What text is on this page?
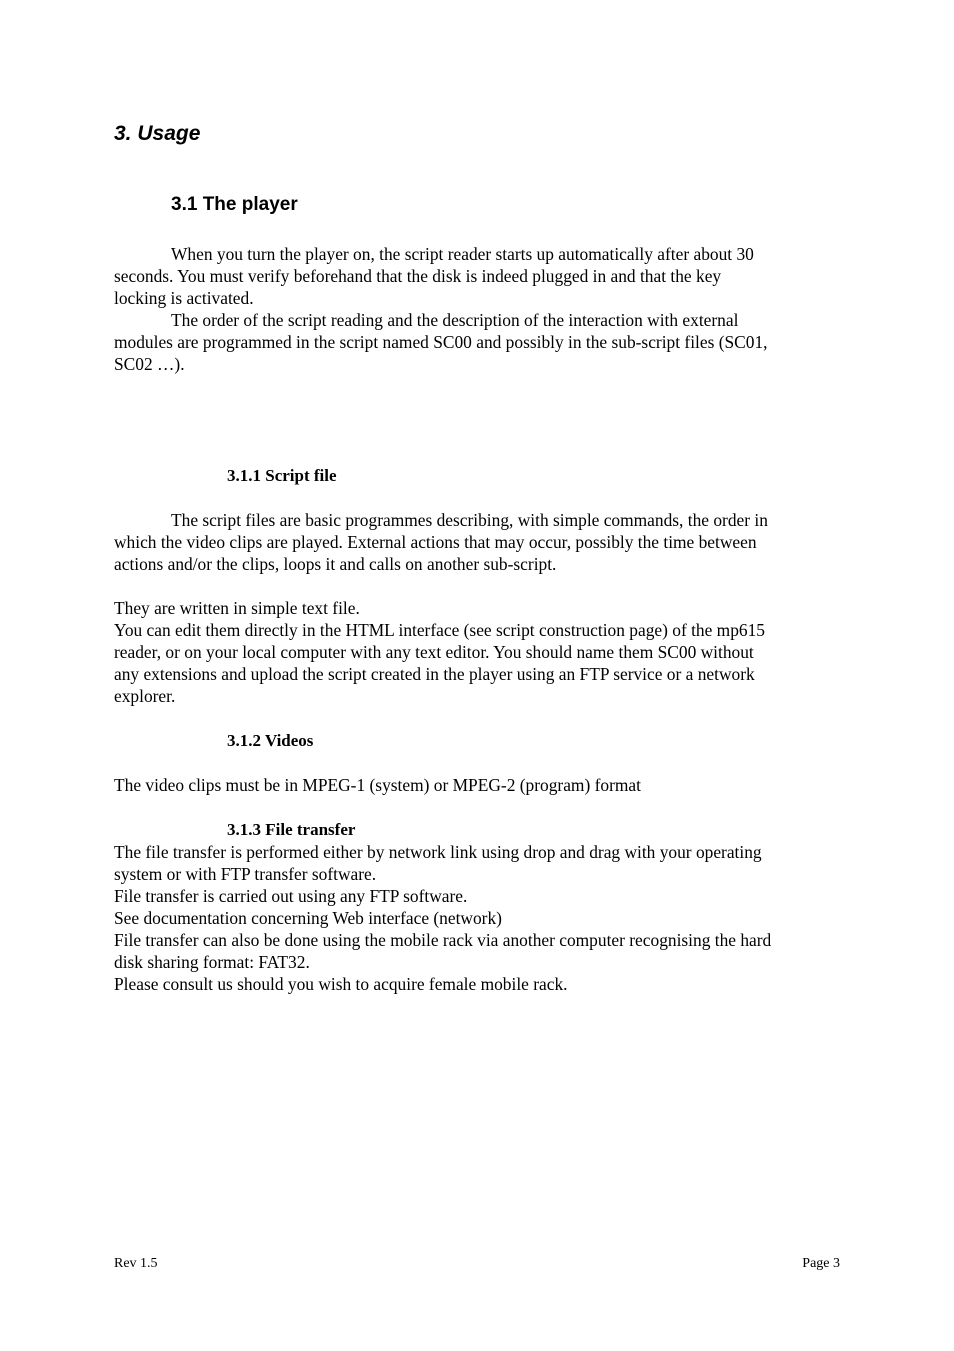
3. Usage
3.1 The player
When you turn the player on, the script reader starts up automatically after about 30
seconds. You must verify beforehand that the disk is indeed plugged in and that the key
locking is activated.
The order of the script reading and the description of the interaction with external
modules are programmed in the script named SC00 and possibly in the sub-script files (SC01,
SC02 …).
3.1.1 Script file
The script files are basic programmes describing, with simple commands, the order in
which the video clips are played. External actions that may occur, possibly the time between
actions and/or the clips, loops it and calls on another sub-script.
They are written in simple text file.
You can edit them directly in the HTML interface (see script construction page) of the mp615
reader, or on your local computer with any text editor. You should name them SC00 without
any extensions and upload the script created in the player using an FTP service or a network
explorer.
3.1.2 Videos
The video clips must be in MPEG-1 (system) or MPEG-2 (program) format
3.1.3 File transfer
The file transfer is performed either by network link using drop and drag with your operating
system or with FTP transfer software.
File transfer is carried out using any FTP software.
See documentation concerning Web interface (network)
File transfer can also be done using the mobile rack via another computer recognising the hard
disk sharing format: FAT32.
Please consult us should you wish to acquire female mobile rack.
Rev 1.5	Page 3
